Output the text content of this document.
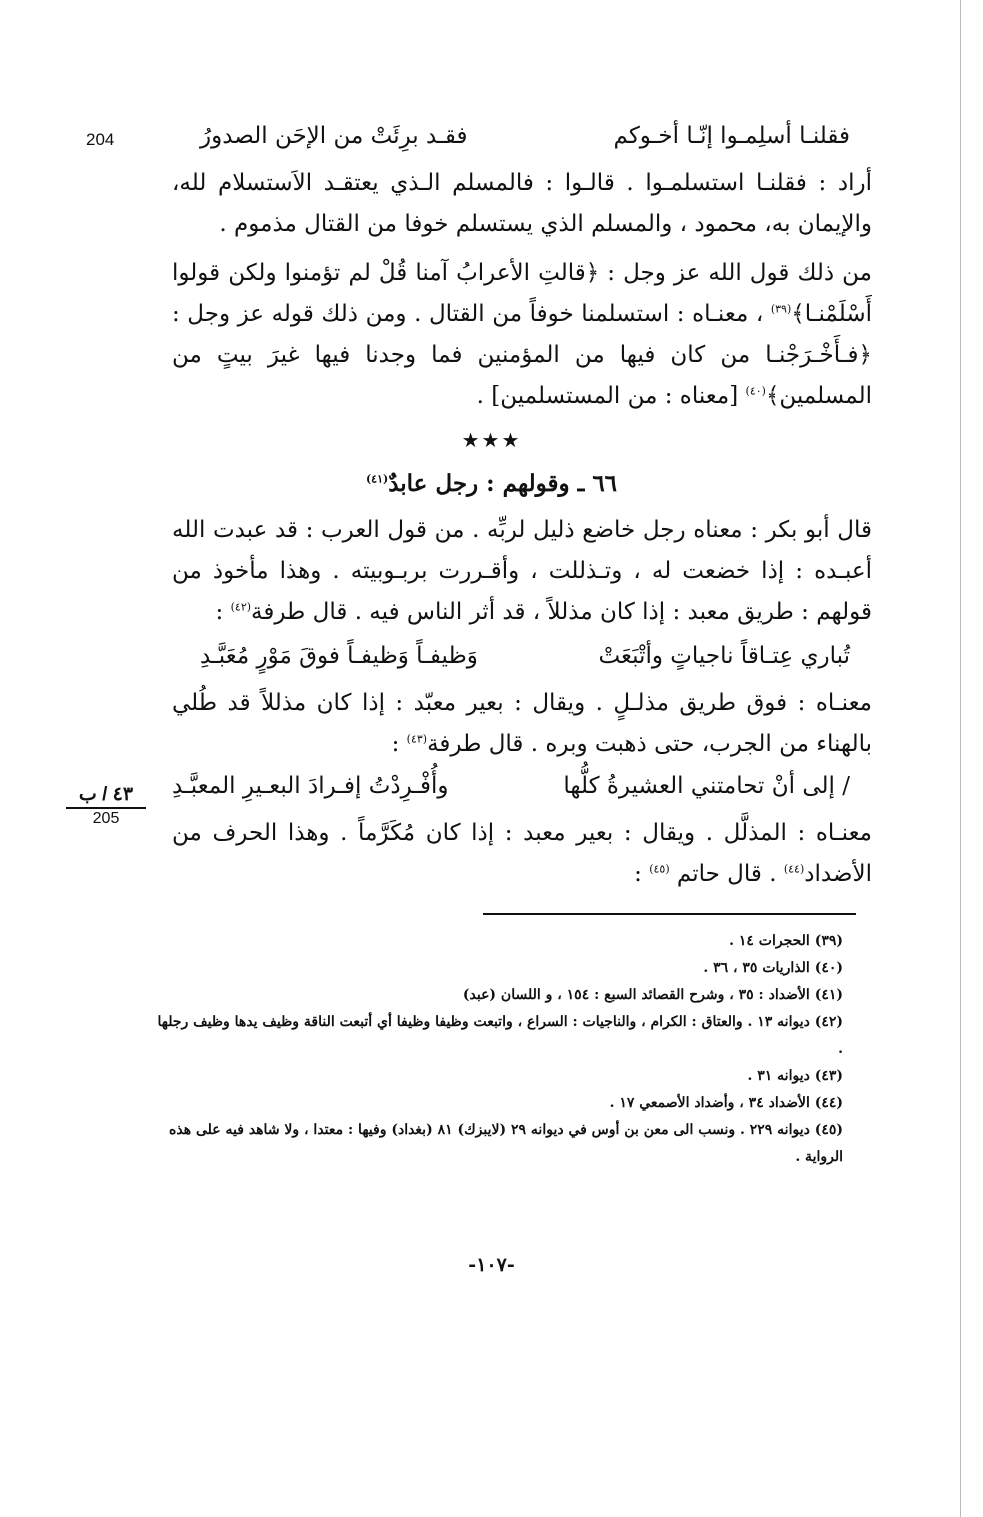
204
٤٣ / ب
205
فقلنـا أسلِمـوا إنّـا أخـوكم
فقـد برِئَتْ من الإحَن الصدورُ

أراد : فقلنـا استسلمـوا . قالـوا : فالمسلم الـذي يعتقـد الاَستسلام لله، والإيمان به، محمود ، والمسلم الذي يستسلم خوفا من القتال مذموم .

من ذلك قول الله عز وجل : ﴿قالتِ الأعرابُ آمنا قُلْ لم تؤمنوا ولكن قولوا أَسْلَمْنـا﴾$^{(٣٩)}$ ، معنـاه : استسلمنا خوفاً من القتال . ومن ذلك قوله عز وجل : ﴿فـأَخْـرَجْنـا من كان فيها من المؤمنين فما وجدنا فيها غيرَ بيتٍ من المسلمين﴾$^{(٤٠)}$ [معناه : من المستسلمين] .

★★★
٦٦ ـ وقولهم : رجل عابدٌ$^{(٤١)}$

قال أبو بكر : معناه رجل خاضع ذليل لربِّه . من قول العرب : قد عبدت الله أعبـده : إذا خضعت له ، وتـذللت ، وأقـررت بربـوبيته . وهذا مأخوذ من قولهم : طريق معبد : إذا كان مذللاً ، قد أثر الناس فيه . قال طرفة$^{(٤٢)}$ :

تُباري عِتـاقاً ناجياتٍ وأتْبَعَتْ
وَظيفـاً وَظيفـاً فوقَ مَوْرٍ مُعَبَّـدِ

معنـاه : فوق طريق مذلـلٍ . ويقال : بعير معبّد : إذا كان مذللاً قد طُلي بالهناء من الجرب، حتى ذهبت وبره . قال طرفة$^{(٤٣)}$ :

/ إلى أنْ تحامتني العشيرةُ كلُّها
وأُفْـرِدْتُ إفـرادَ البعـيرِ المعبَّـدِ

معنـاه : المذلَّل . ويقال : بعير معبد : إذا كان مُكَرَّماً . وهذا الحرف من الأضداد$^{(٤٤)}$ . قال حاتم $^{(٤٥)}$ :

(٣٩) الحجرات ١٤ .
(٤٠) الذاريات ٣٥ ، ٣٦ .
(٤١) الأضداد : ٣٥ ، وشرح القصائد السبع : ١٥٤ ، و اللسان (عبد)
(٤٢) ديوانه ١٣ . والعتاق : الكرام ، والناجيات : السراع ، واتبعت وظيفا وظيفا أي أتبعت الناقة وظيف يدها وظيف رجلها .
(٤٣) ديوانه ٣١ .
(٤٤) الأضداد ٣٤ ، وأضداد الأصمعي ١٧ .
(٤٥) ديوانه ٢٢٩ . ونسب الى معن بن أوس في ديوانه ٢٩ (لايبزك) ٨١ (بغداد) وفيها : معتدا ، ولا شاهد فيه على هذه الرواية .
-١٠٧-
